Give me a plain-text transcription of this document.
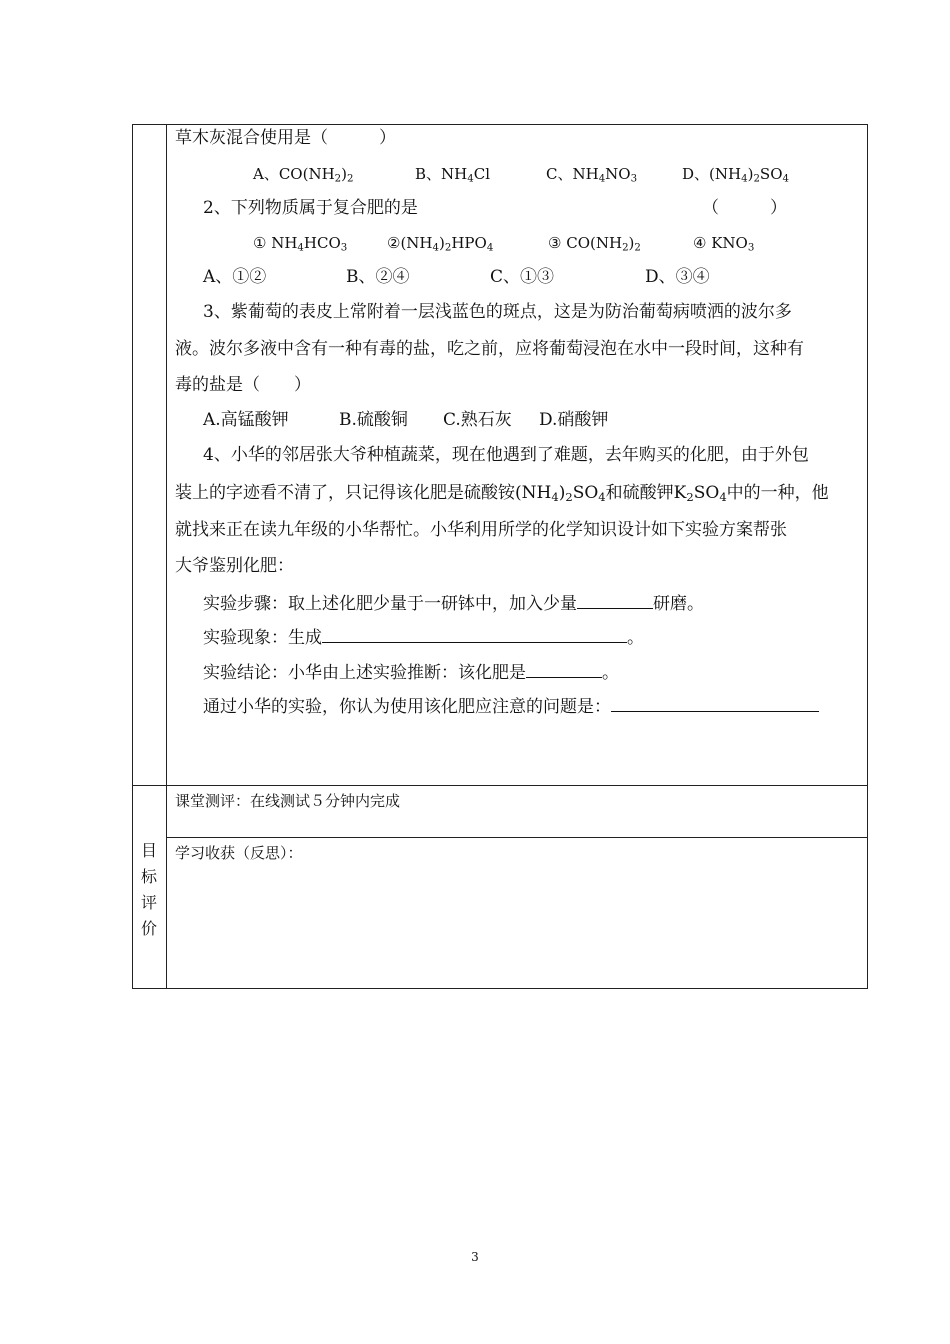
草木灰混合使用是（　　　）
A、$CO(NH_2)_2$	B、$NH_4Cl$	C、$NH_4NO_3$	D、$(NH_4)_2SO_4$
2、下列物质属于复合肥的是	（　　　）
① $NH_4HCO_3$	$②(NH_4)_2HPO_4$	③ $CO(NH_2)_2$	④ $KNO_3$
A、①②	B、②④	C、①③	D、③④
3、紫葡萄的表皮上常附着一层浅蓝色的斑点，这是为防治葡萄病喷洒的波尔多
液。波尔多液中含有一种有毒的盐，吃之前，应将葡萄浸泡在水中一段时间，这种有
毒的盐是（　　）
A.高锰酸钾	B.硫酸铜 C.熟石灰 D.硝酸钾
4、小华的邻居张大爷种植蔬菜，现在他遇到了难题，去年购买的化肥，由于外包
装上的字迹看不清了，只记得该化肥是硫酸铵$(NH_4)_2SO_4$和硫酸钾$K_2SO_4$中的一种，他
就找来正在读九年级的小华帮忙。小华利用所学的化学知识设计如下实验方案帮张
大爷鉴别化肥：
实验步骤：取上述化肥少量于一研钵中，加入少量	研磨。
实验现象：生成	。
实验结论：小华由上述实验推断：该化肥是	。
通过小华的实验，你认为使用该化肥应注意的问题是：
目
标
评
价
课堂测评：在线测试５分钟内完成
学习收获（反思）：
3
